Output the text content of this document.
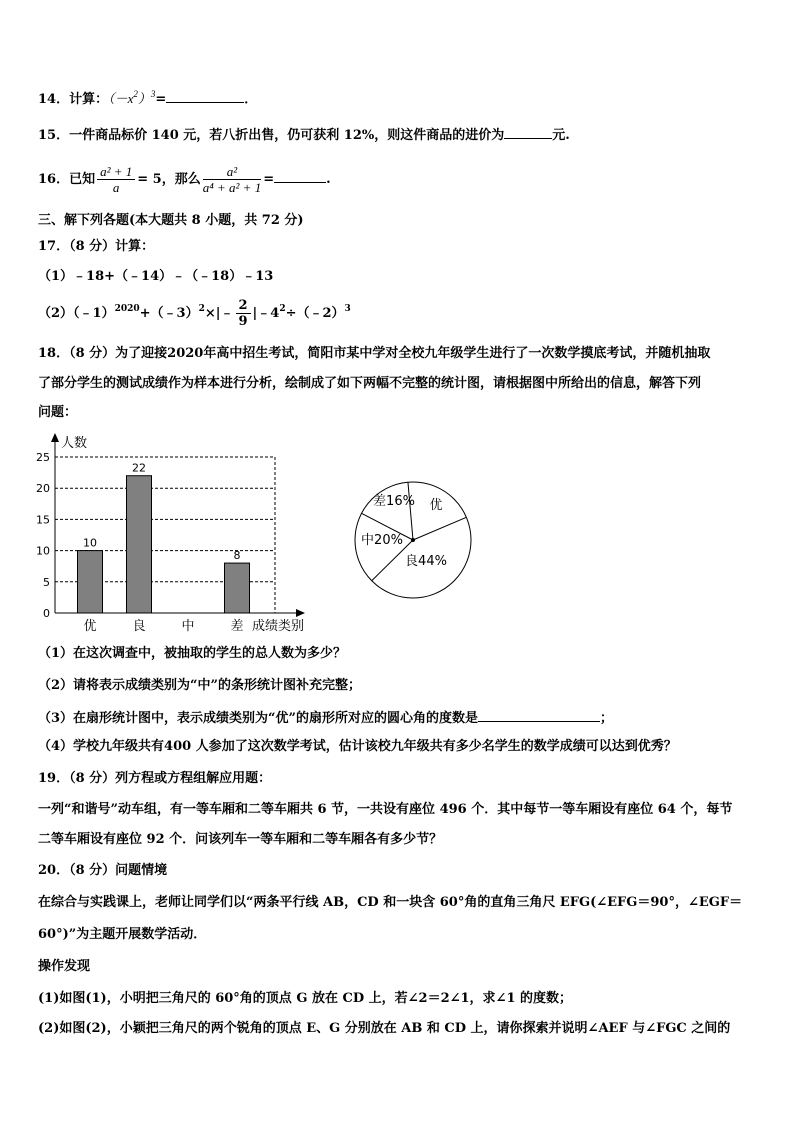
14．计算：$(-x^2)^3=$	．
15．一件商品标价 140 元，若八折出售，仍可获利 12%，则这件商品的进价为	元.
16．已知 $\frac{\text{a² + 1}}{a} = 5$，那么 $\frac{\text{a²}}{\text{a⁴ + a² + 1}}$ =	.
三、解下列各题(本大题共 8 小题，共 72 分)
17．（8 分）计算：
（1）﹣18+（﹣14）﹣（﹣18）﹣13
（2）（﹣1）$^{2020}$+（﹣3）$^2$×|﹣ $\frac{2}{9}$ $|﹣4^2\div(﹣2)^3$
18．（8 分）为了迎接2020年高中招生考试，简阳市某中学对全校九年级学生进行了一次数学摸底考试，并随机抽取
了部分学生的测试成绩作为样本进行分析，绘制成了如下两幅不完整的统计图，请根据图中所给出的信息，解答下列
问题：
人数
0
5
10
15
20
25
10
22
8
优	良	中	差 成绩类别
优
良44%
中20%
差16%
（1）在这次调查中，被抽取的学生的总人数为多少？
（2）请将表示成绩类别为“中”的条形统计图补充完整；
（3）在扇形统计图中，表示成绩类别为“优”的扇形所对应的圆心角的度数是	；
（4）学校九年级共有400 人参加了这次数学考试，估计该校九年级共有多少名学生的数学成绩可以达到优秀？
19．（8 分）列方程或方程组解应用题：
一列“和谐号”动车组，有一等车厢和二等车厢共 6 节，一共设有座位 496 个．其中每节一等车厢设有座位 64 个，每节
二等车厢设有座位 92 个．问该列车一等车厢和二等车厢各有多少节？
20．（8 分）问题情境
在综合与实践课上，老师让同学们以“两条平行线 AB，CD 和一块含 60°角的直角三角尺 EFG(∠EFG＝90°，∠EGF＝
60°)”为主题开展数学活动．
操作发现
(1)如图(1)，小明把三角尺的 60°角的顶点 G 放在 CD 上，若∠2＝2∠1，求∠1 的度数；
(2)如图(2)，小颖把三角尺的两个锐角的顶点 E、G 分别放在 AB 和 CD 上，请你探索并说明∠AEF 与∠FGC 之间的
